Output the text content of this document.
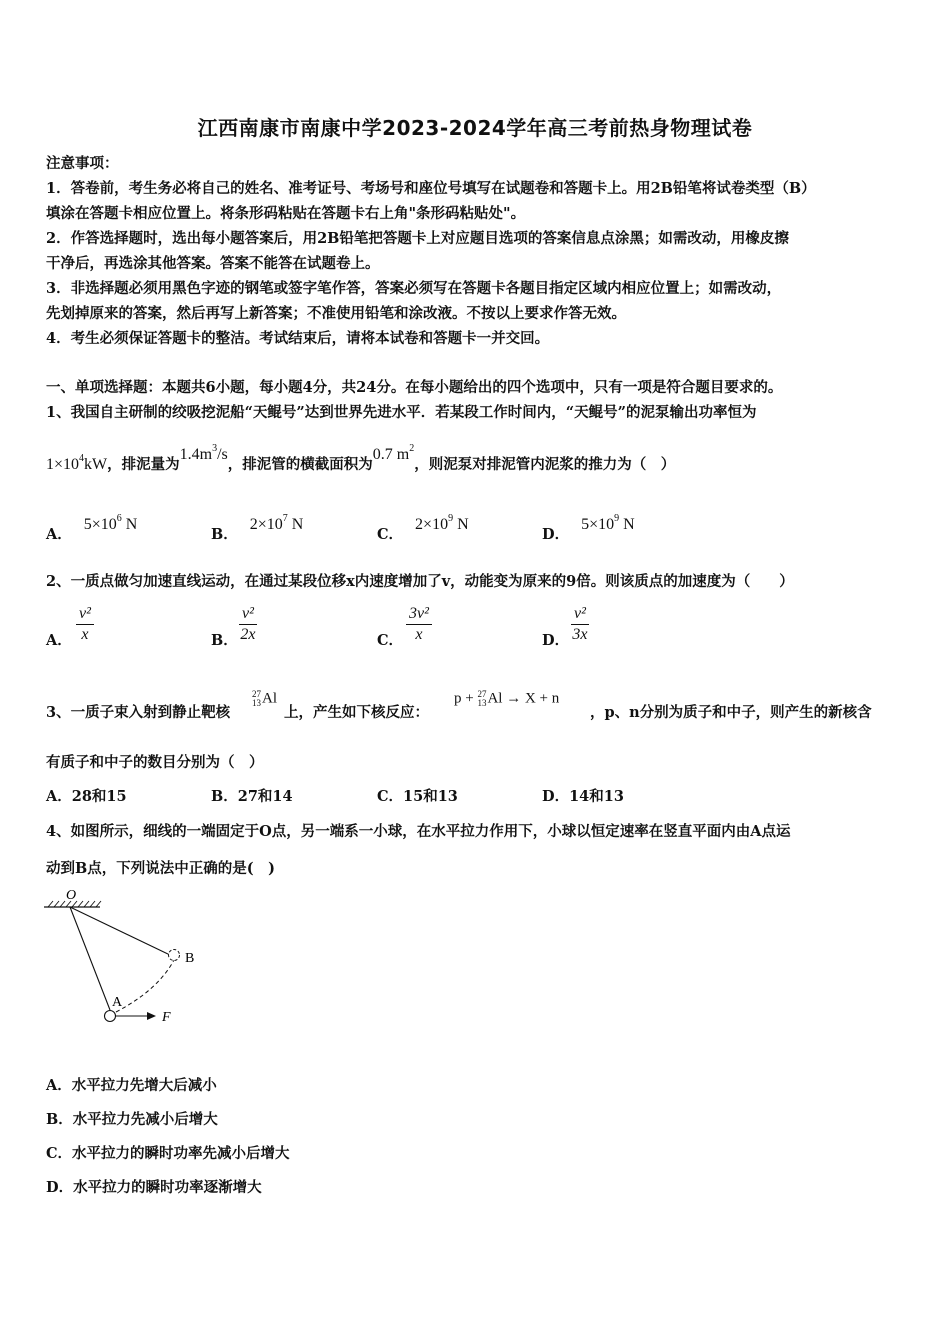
江西南康市南康中学2023-2024学年高三考前热身物理试卷
注意事项：
1．答卷前，考生务必将自己的姓名、准考证号、考场号和座位号填写在试题卷和答题卡上。用2B铅笔将试卷类型（B）
填涂在答题卡相应位置上。将条形码粘贴在答题卡右上角"条形码粘贴处"。
2．作答选择题时，选出每小题答案后，用2B铅笔把答题卡上对应题目选项的答案信息点涂黑；如需改动，用橡皮擦
干净后，再选涂其他答案。答案不能答在试题卷上。
3．非选择题必须用黑色字迹的钢笔或签字笔作答，答案必须写在答题卡各题目指定区域内相应位置上；如需改动，
先划掉原来的答案，然后再写上新答案；不准使用铅笔和涂改液。不按以上要求作答无效。
4．考生必须保证答题卡的整洁。考试结束后，请将本试卷和答题卡一并交回。
一、单项选择题：本题共6小题，每小题4分，共24分。在每小题给出的四个选项中，只有一项是符合题目要求的。
1、我国自主研制的绞吸挖泥船“天鲲号”达到世界先进水平．若某段工作时间内，“天鲲号”的泥泵输出功率恒为
$1\times 10^4kW$，排泥量为$1.4m^3/s$，排泥管的横截面积为0.7 $m^2$，则泥泵对排泥管内泥浆的推力为（　）
A．$5\times 10^6$ N
B．$2\times 10^7$ N
C．$2\times 10^9$ N
D．$5\times 10^9$ N
2、一质点做匀加速直线运动，在通过某段位移x内速度增加了v，动能变为原来的9倍。则该质点的加速度为（　　）
A． $\frac{\text{v²}}{x}$	B． $\frac{\text{v²}}{2x}$	C． $\frac{\text{3v²}}{x}$	D． $\frac{\text{v²}}{3x}$
3、一质子束入射到静止靶核
27
13 Al
上，产生如下核反应：
p + 27
13 Al → X + n
，p、n分别为质子和中子，则产生的新核含
有质子和中子的数目分别为（　）
A．28和15	B．27和14	C．15和13	D．14和13
4、如图所示，细线的一端固定于O点，另一端系一小球，在水平拉力作用下，小球以恒定速率在竖直平面内由A点运
动到B点，下列说法中正确的是(　)
O
A
B
F
A．水平拉力先增大后减小
B．水平拉力先减小后增大
C．水平拉力的瞬时功率先减小后增大
D．水平拉力的瞬时功率逐渐增大
